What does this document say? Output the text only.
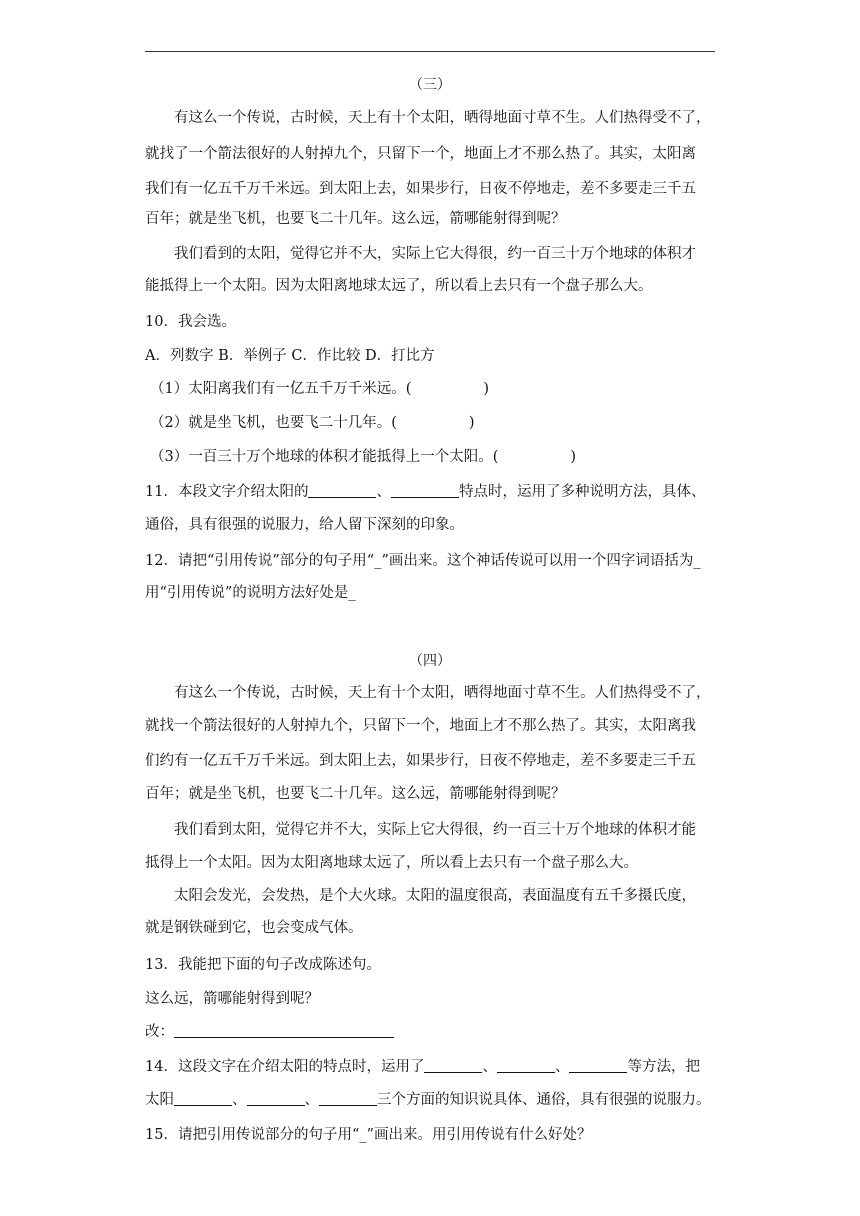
（三）
有这么一个传说，古时候，天上有十个太阳，晒得地面寸草不生。人们热得受不了，
就找了一个箭法很好的人射掉九个，只留下一个，地面上才不那么热了。其实，太阳离
我们有一亿五千万千米远。到太阳上去，如果步行，日夜不停地走，差不多要走三千五
百年；就是坐飞机，也要飞二十几年。这么远，箭哪能射得到呢？
我们看到的太阳，觉得它并不大，实际上它大得很，约一百三十万个地球的体积才
能抵得上一个太阳。因为太阳离地球太远了，所以看上去只有一个盘子那么大。
10．我会选。
A．列数字 B．举例子 C．作比较 D．打比方
（1）太阳离我们有一亿五千万千米远。(	)
（2）就是坐飞机，也要飞二十几年。(	)
（3）一百三十万个地球的体积才能抵得上一个太阳。(	)
11．本段文字介绍太阳的	、	特点时，运用了多种说明方法，具体、
通俗，具有很强的说服力，给人留下深刻的印象。
12．请把“引用传说”部分的句子用“_”画出来。这个神话传说可以用一个四字词语括为_
用“引用传说”的说明方法好处是_
（四）
有这么一个传说，古时候，天上有十个太阳，晒得地面寸草不生。人们热得受不了，
就找一个箭法很好的人射掉九个，只留下一个，地面上才不那么热了。其实，太阳离我
们约有一亿五千万千米远。到太阳上去，如果步行，日夜不停地走，差不多要走三千五
百年；就是坐飞机，也要飞二十几年。这么远，箭哪能射得到呢？
我们看到太阳，觉得它并不大，实际上它大得很，约一百三十万个地球的体积才能
抵得上一个太阳。因为太阳离地球太远了，所以看上去只有一个盘子那么大。
太阳会发光，会发热，是个大火球。太阳的温度很高，表面温度有五千多摄氏度，
就是钢铁碰到它，也会变成气体。
13．我能把下面的句子改成陈述句。
这么远，箭哪能射得到呢？
改：
14．这段文字在介绍太阳的特点时，运用了	、	、	等方法，把
太阳	、	、	三个方面的知识说具体、通俗，具有很强的说服力。
15．请把引用传说部分的句子用“_”画出来。用引用传说有什么好处？
